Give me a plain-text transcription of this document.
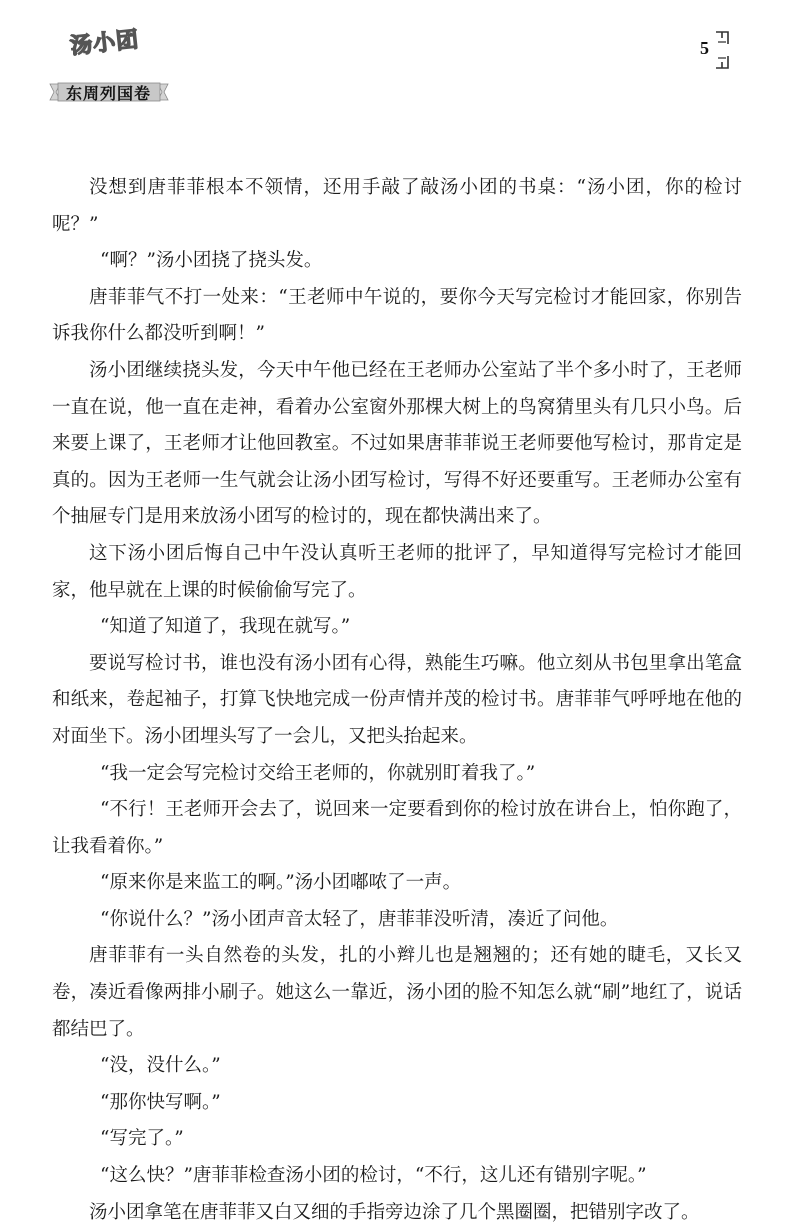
汤小团
东周列国卷
5

没想到唐菲菲根本不领情，还用手敲了敲汤小团的书桌：“汤小团，你的检讨呢？”

“啊？”汤小团挠了挠头发。

唐菲菲气不打一处来：“王老师中午说的，要你今天写完检讨才能回家，你别告诉我你什么都没听到啊！”

汤小团继续挠头发，今天中午他已经在王老师办公室站了半个多小时了，王老师一直在说，他一直在走神，看着办公室窗外那棵大树上的鸟窝猜里头有几只小鸟。后来要上课了，王老师才让他回教室。不过如果唐菲菲说王老师要他写检讨，那肯定是真的。因为王老师一生气就会让汤小团写检讨，写得不好还要重写。王老师办公室有个抽屉专门是用来放汤小团写的检讨的，现在都快满出来了。

这下汤小团后悔自己中午没认真听王老师的批评了，早知道得写完检讨才能回家，他早就在上课的时候偷偷写完了。

“知道了知道了，我现在就写。”

要说写检讨书，谁也没有汤小团有心得，熟能生巧嘛。他立刻从书包里拿出笔盒和纸来，卷起袖子，打算飞快地完成一份声情并茂的检讨书。唐菲菲气呼呼地在他的对面坐下。汤小团埋头写了一会儿，又把头抬起来。

“我一定会写完检讨交给王老师的，你就别盯着我了。”

“不行！王老师开会去了，说回来一定要看到你的检讨放在讲台上，怕你跑了，让我看着你。”

“原来你是来监工的啊。”汤小团嘟哝了一声。

“你说什么？”汤小团声音太轻了，唐菲菲没听清，凑近了问他。

唐菲菲有一头自然卷的头发，扎的小辫儿也是翘翘的；还有她的睫毛，又长又卷，凑近看像两排小刷子。她这么一靠近，汤小团的脸不知怎么就“刷”地红了，说话都结巴了。

“没，没什么。”

“那你快写啊。”

“写完了。”

“这么快？”唐菲菲检查汤小团的检讨，“不行，这儿还有错别字呢。”

汤小团拿笔在唐菲菲又白又细的手指旁边涂了几个黑圈圈，把错别字改了。
